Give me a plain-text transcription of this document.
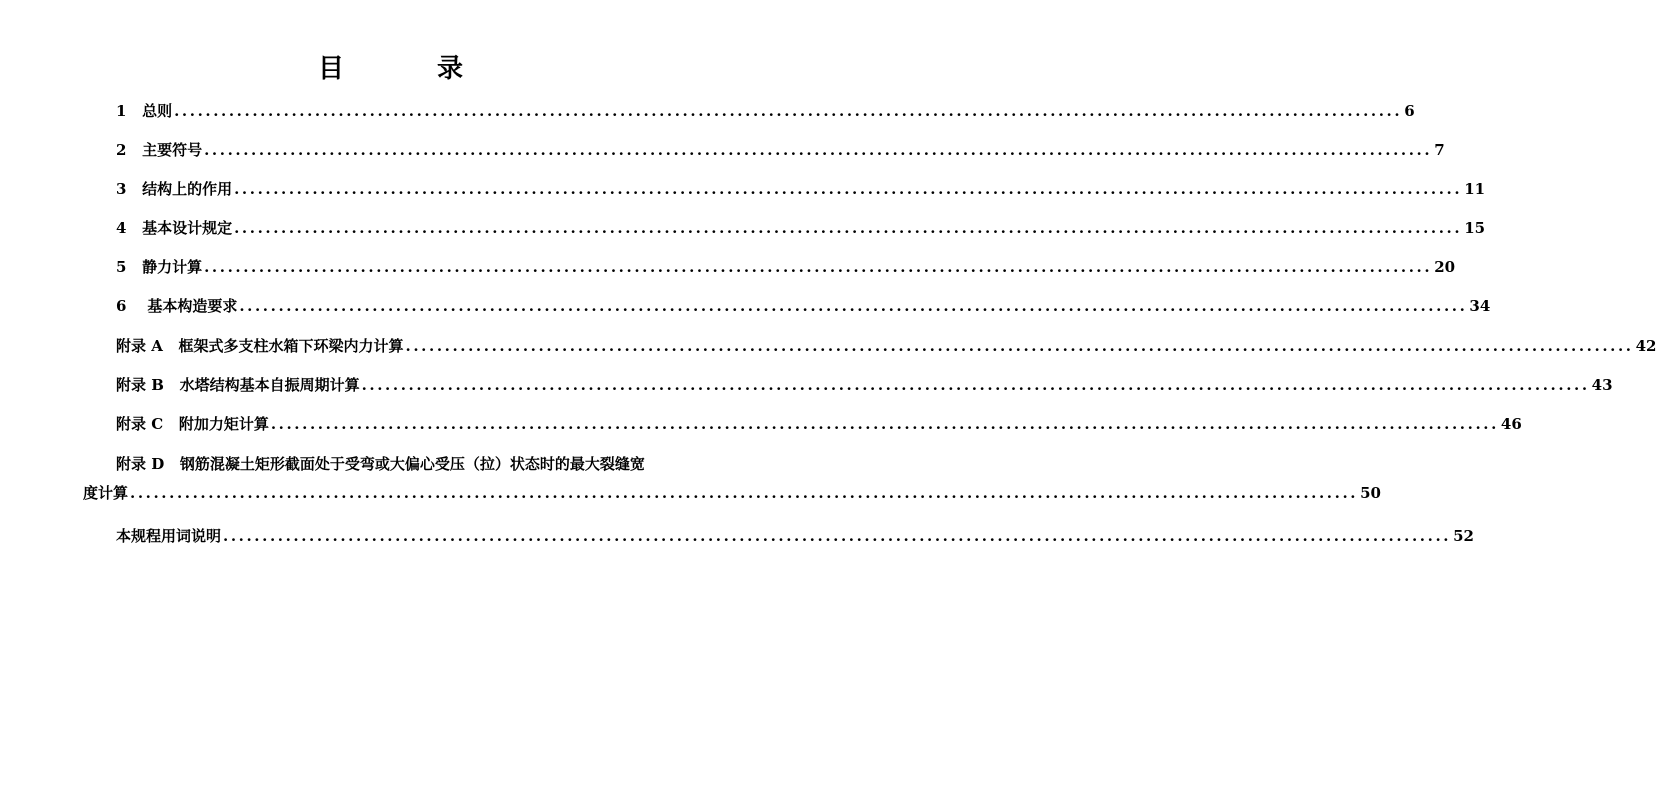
目 录
1   总则 ............................................................................................................................................................. 6
2   主要符号 ............................................................................................................................................................. 7
3   结构上的作用 ............................................................................................................................................................. 11
4   基本设计规定 ............................................................................................................................................................. 15
5   静力计算 ............................................................................................................................................................. 20
6    基本构造要求 ............................................................................................................................................................. 34
附录 A   框架式多支柱水箱下环梁内力计算 ............................................................................................................................................................. 42
附录 B   水塔结构基本自振周期计算 ............................................................................................................................................................. 43
附录 C   附加力矩计算 ............................................................................................................................................................. 46
附录 D   钢筋混凝土矩形截面处于受弯或大偏心受压（拉）状态时的最大裂缝宽
度计算 ............................................................................................................................................................. 50
本规程用词说明 ............................................................................................................................................................. 52
